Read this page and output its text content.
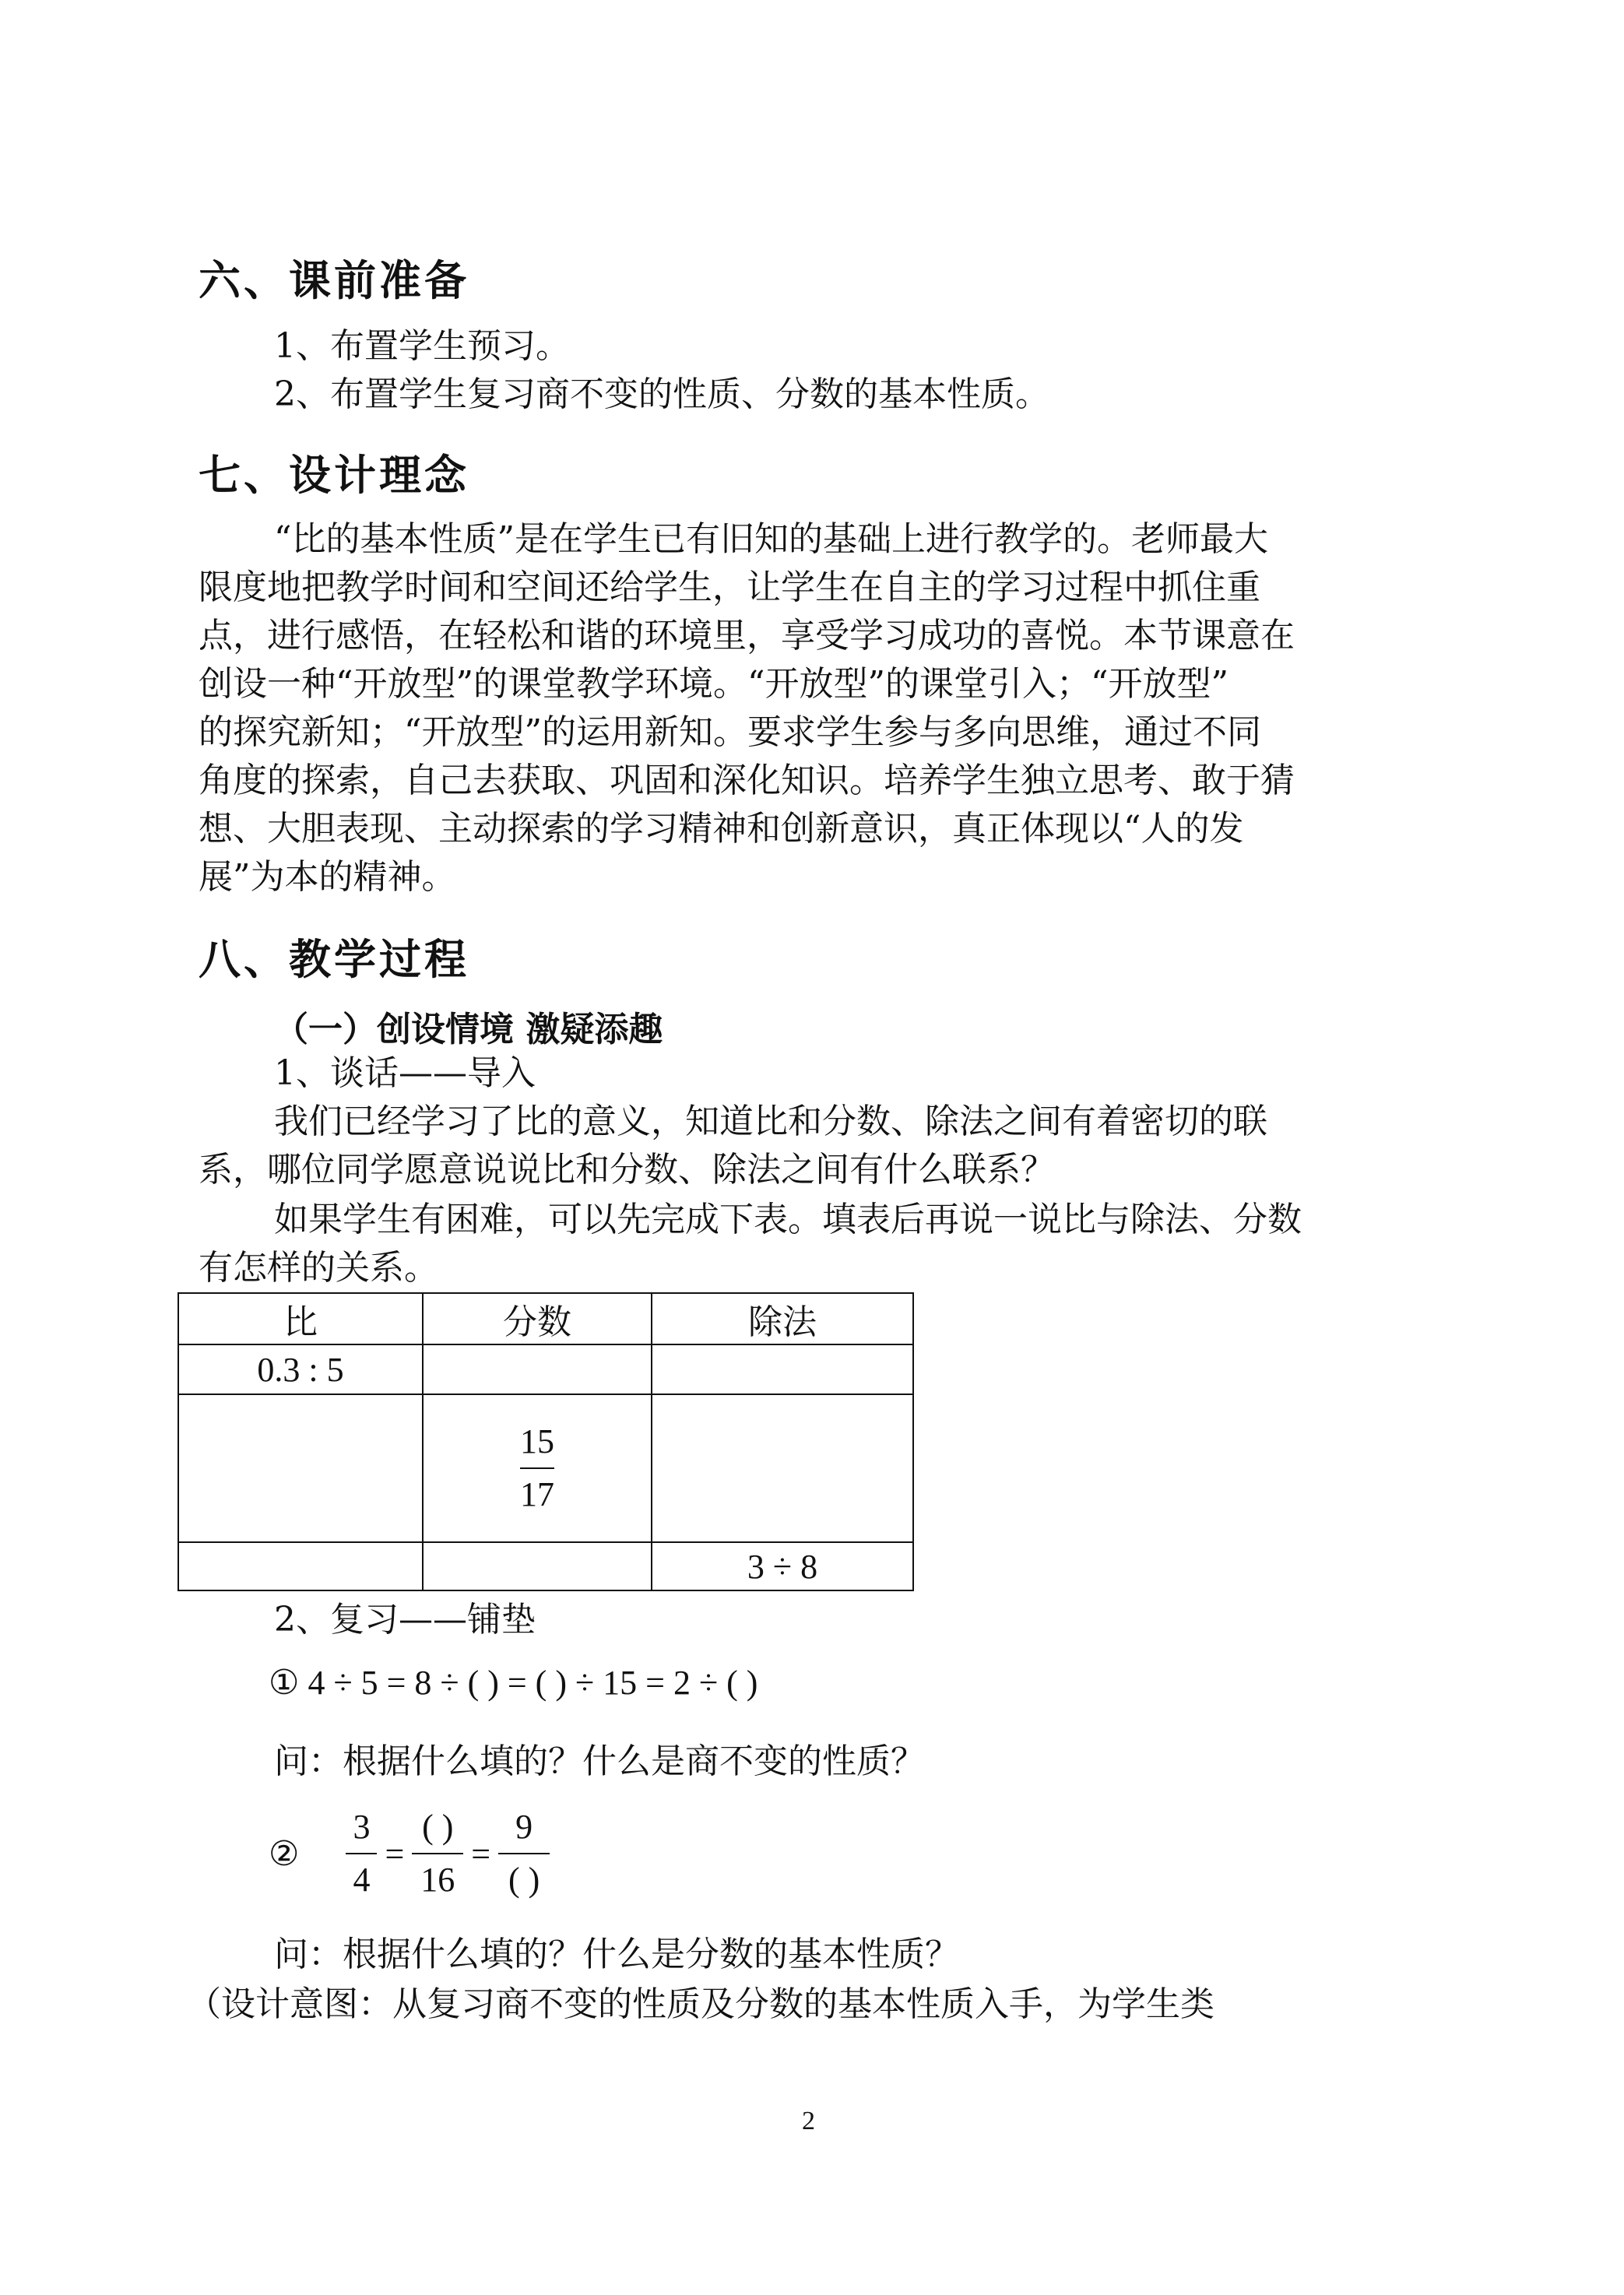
六、课前准备
1、布置学生预习。
2、布置学生复习商不变的性质、分数的基本性质。
七、设计理念
“比的基本性质”是在学生已有旧知的基础上进行教学的。老师最大
限度地把教学时间和空间还给学生，让学生在自主的学习过程中抓住重
点，进行感悟，在轻松和谐的环境里，享受学习成功的喜悦。本节课意在
创设一种“开放型”的课堂教学环境。“开放型”的课堂引入；“开放型”
的探究新知；“开放型”的运用新知。要求学生参与多向思维，通过不同
角度的探索，自己去获取、巩固和深化知识。培养学生独立思考、敢于猜
想、大胆表现、主动探索的学习精神和创新意识，真正体现以“人的发
展”为本的精神。
八、教学过程
（一）创设情境 激疑添趣
1、谈话——导入
我们已经学习了比的意义，知道比和分数、除法之间有着密切的联
系，哪位同学愿意说说比和分数、除法之间有什么联系？
如果学生有困难，可以先完成下表。填表后再说一说比与除法、分数
有怎样的关系。
比	分数	除法
0.3 : 5		

	$\frac{15}{17}$

		3 ÷ 8
2、复习——铺垫
① 4 ÷ 5 = 8 ÷ ( ) = ( ) ÷ 15 = 2 ÷ ( )
问：根据什么填的？什么是商不变的性质？
② $\frac{3}{4} = \frac{( )}{16} = \frac{9}{( )}$
问：根据什么填的？什么是分数的基本性质？
（设计意图：从复习商不变的性质及分数的基本性质入手，为学生类
2
